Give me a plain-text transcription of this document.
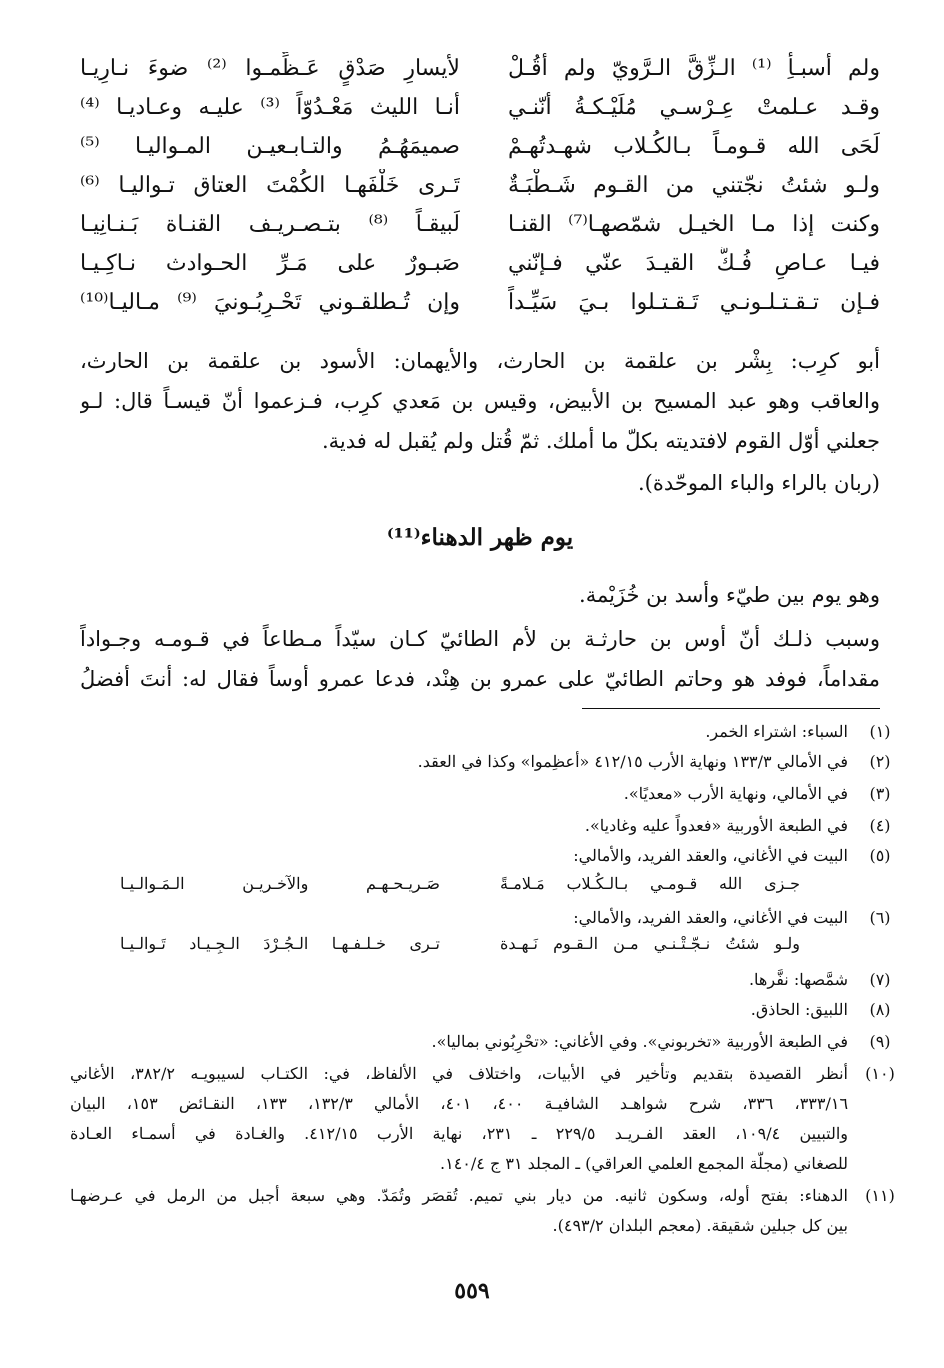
ولم أسبـأِ ⁽¹⁾ الـزِّقَّ الـرَّويّ ولم أقُـلْ
لأيسارِ صَدْقٍ عَـظِّمـوا ⁽²⁾ ضوءَ نـارِيـا
وقـد عـلمتْ عِـرْسـي مُلَيْـكـةُ أنّنـي
أنـا الليث مَعْـدُوّاً ⁽³⁾ عليـه وعـاديـا ⁽⁴⁾
لَحَى الله قـومـاً بـالكُـلاب شهـدتُهـمْ
صميمَهُـمُ والتـابـعيـن المـواليـا ⁽⁵⁾
ولـو شئتُ نجّتني من القـوم شَـطْبَـةٌ
تَـرى خَلْفَهـا الكُمْتَ العتاق تـواليـا ⁽⁶⁾
وكنت إذا مـا الخيـل شمّصهـا⁽⁷⁾ القنـا
لَبيقـاً ⁽⁸⁾ بتـصـريـف القنـاة بَـنـانِيـا
فيـا عـاصِ فُـكَّ القيـدَ عنّي فـإنّني
صَبـورٌ على مَـرِّ الحـوادث نـاكِـيـا
فـإن تـقـتـلـونـي تَـقـتـلوا بـيَ سَيِّـداً
وإن تُـطلقـوني تَحْـرِبُـونيَ ⁽⁹⁾ مـاليـا⁽¹⁰⁾
أبو كرِب: بِشْر بن علقمة بن الحارث، والأيهمان: الأسود بن علقمة بن الحارث،
والعاقب وهو عبد المسيح بن الأبيض، وقيس بن مَعدي كرِب، فـزعموا أنّ قيسـاً قال: لـو
جعلني أوّل القوم لافتديته بكلّ ما أملك. ثمّ قُتل ولم يُقبل له فدية.
(ربان بالراء والباء الموحّدة).
يوم ظهر الدهناء⁽¹¹⁾
وهو يوم بين طيّء وأسد بن خُزَيْمة.
وسبب ذلـك أنّ أوس بن حارثـة بن لأم الطائيّ كـان سيّداً مـطاعاً في قـومـه وجـواداً
مقداماً، فوفد هو وحاتم الطائيّ على عمرو بن هِنْد، فدعا عمرو أوساً فقال له: أنتَ أفضلُ
(١)
السباء: اشتراء الخمر.
(٢)
في الأمالي ١٣٣/٣ ونهاية الأرب ٤١٢/١٥ «أعظِموا» وكذا في العقد.
(٣)
في الأمالي، ونهاية الأرب «معديًا».
(٤)
في الطبعة الأوربية «فعدواً عليه وغاديا».
(٥)
البيت في الأغاني، والعقد الفريد، والأمالي:
جـزى الله قـومـي بـالـكُـلاب مَـلامـةً
صَـريـحـهـم والآخـريـن الـمَـوالـيـا
(٦)
البيت في الأغاني، والعقد الفريد، والأمالي:
ولـو شئتُ نـجّـتْـنـي مـن الـقـوم نَـهـدة
تـرى خـلـفـهـا الـجُـرْدَ الـجِـيـاد تَـوالـيـا
(٧)
شمَّصها: نفَّرها.
(٨)
اللبيق: الحاذق.
(٩)
في الطبعة الأوربية «تخربوني». وفي الأغاني: «تحْرِبُوني بماليا».
(١٠)
أنظر القصيدة بتقديم وتأخير في الأبيات، واختلاف في الألفاظ، في: الكتـاب لسيبويـه ٣٨٢/٢، الأغاني
٣٣٣/١٦، ٣٣٦، شرح شواهـد الشافيـة ٤٠٠، ٤٠١، الأمالي ١٣٢/٣، ١٣٣، النقـائض ١٥٣، البيان
والتبيين ١٠٩/٤، العقد الفـريـد ٢٢٩/٥ ـ ٢٣١، نهاية الأرب ٤١٢/١٥. والغـادة في أسمـاء العـادة
للصغاني (مجلّة المجمع العلمي العراقي) ـ المجلد ٣١ ج ١٤٠/٤.
(١١)
الدهناء: بفتح أوله، وسكون ثانيه. من ديار بني تميم. تُقصَر وتُمَدّ. وهي سبعة أجبل من الرمل في عـرضهـا
بين كل جبلين شقيقة. (معجم البلدان ٤٩٣/٢).
٥٥٩
